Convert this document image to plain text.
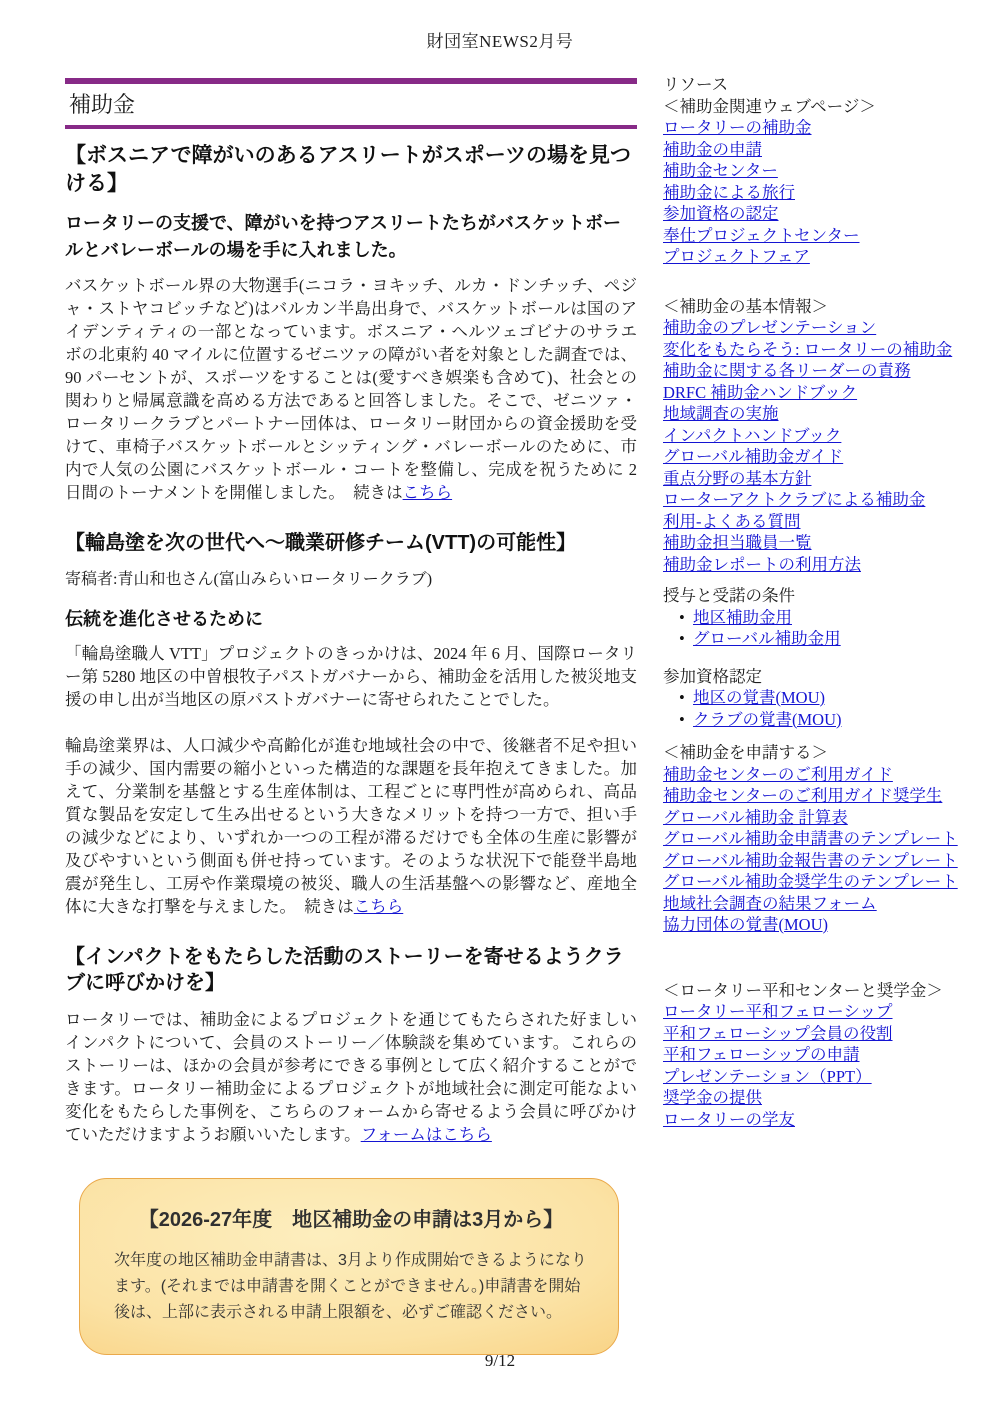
財団室NEWS2月号
補助金
【ボスニアで障がいのあるアスリートがスポーツの場を見つける】
ロータリーの支援で、障がいを持つアスリートたちがバスケットボールとバレーボールの場を手に入れました。

バスケットボール界の大物選手(ニコラ・ヨキッチ、ルカ・ドンチッチ、ペジャ・ストヤコビッチなど)はバルカン半島出身で、バスケットボールは国のアイデンティティの一部となっています。ボスニア・ヘルツェゴビナのサラエボの北東約 40 マイルに位置するゼニツァの障がい者を対象とした調査では、90 パーセントが、スポーツをすることは(愛すべき娯楽も含めて)、社会との関わりと帰属意識を高める方法であると回答しました。そこで、ゼニツァ・ロータリークラブとパートナー団体は、ロータリー財団からの資金援助を受けて、車椅子バスケットボールとシッティング・バレーボールのために、市内で人気の公園にバスケットボール・コートを整備し、完成を祝うために 2 日間のトーナメントを開催しました。　続きはこちら

【輪島塗を次の世代へ～職業研修チーム(VTT)の可能性】

寄稿者:青山和也さん(富山みらいロータリークラブ)

伝統を進化させるために

「輪島塗職人 VTT」プロジェクトのきっかけは、2024 年 6 月、国際ロータリー第 5280 地区の中曽根牧子パストガバナーから、補助金を活用した被災地支援の申し出が当地区の原パストガバナーに寄せられたことでした。

輪島塗業界は、人口減少や高齢化が進む地域社会の中で、後継者不足や担い手の減少、国内需要の縮小といった構造的な課題を長年抱えてきました。加えて、分業制を基盤とする生産体制は、工程ごとに専門性が高められ、高品質な製品を安定して生み出せるという大きなメリットを持つ一方で、担い手の減少などにより、いずれか一つの工程が滞るだけでも全体の生産に影響が及びやすいという側面も併せ持っています。そのような状況下で能登半島地震が発生し、工房や作業環境の被災、職人の生活基盤への影響など、産地全体に大きな打撃を与えました。　続きはこちら

【インパクトをもたらした活動のストーリーを寄せるようクラブに呼びかけを】

ロータリーでは、補助金によるプロジェクトを通じてもたらされた好ましいインパクトについて、会員のストーリー／体験談を集めています。これらのストーリーは、ほかの会員が参考にできる事例として広く紹介することができます。ロータリー補助金によるプロジェクトが地域社会に測定可能なよい変化をもたらした事例を、こちらのフォームから寄せるよう会員に呼びかけていただけますようお願いいたします。フォームはこちら

【2026-27年度　地区補助金の申請は3月から】
次年度の地区補助金申請書は、3月より作成開始できるようになります。(それまでは申請書を開くことができません。)申請書を開始後は、上部に表示される申請上限額を、必ずご確認ください。
リソース
＜補助金関連ウェブページ＞
ロータリーの補助金
補助金の申請
補助金センター
補助金による旅行
参加資格の認定
奉仕プロジェクトセンター
プロジェクトフェア
＜補助金の基本情報＞
補助金のプレゼンテーション
変化をもたらそう: ロータリーの補助金
補助金に関する各リーダーの責務
DRFC 補助金ハンドブック
地域調査の実施
インパクトハンドブック
グローバル補助金ガイド
重点分野の基本方針
ローターアクトクラブによる補助金
利用-よくある質問
補助金担当職員一覧
補助金レポートの利用方法
授与と受諾の条件
• 地区補助金用
• グローバル補助金用
参加資格認定
• 地区の覚書(MOU)
• クラブの覚書(MOU)
＜補助金を申請する＞
補助金センターのご利用ガイド
補助金センターのご利用ガイド奨学生
グローバル補助金 計算表
グローバル補助金申請書のテンプレート
グローバル補助金報告書のテンプレート
グローバル補助金奨学生のテンプレート
地域社会調査の結果フォーム
協力団体の覚書(MOU)
＜ロータリー平和センターと奨学金＞
ロータリー平和フェローシップ
平和フェローシップ会員の役割
平和フェローシップの申請
プレゼンテーション（PPT）
奨学金の提供
ロータリーの学友
9/12
